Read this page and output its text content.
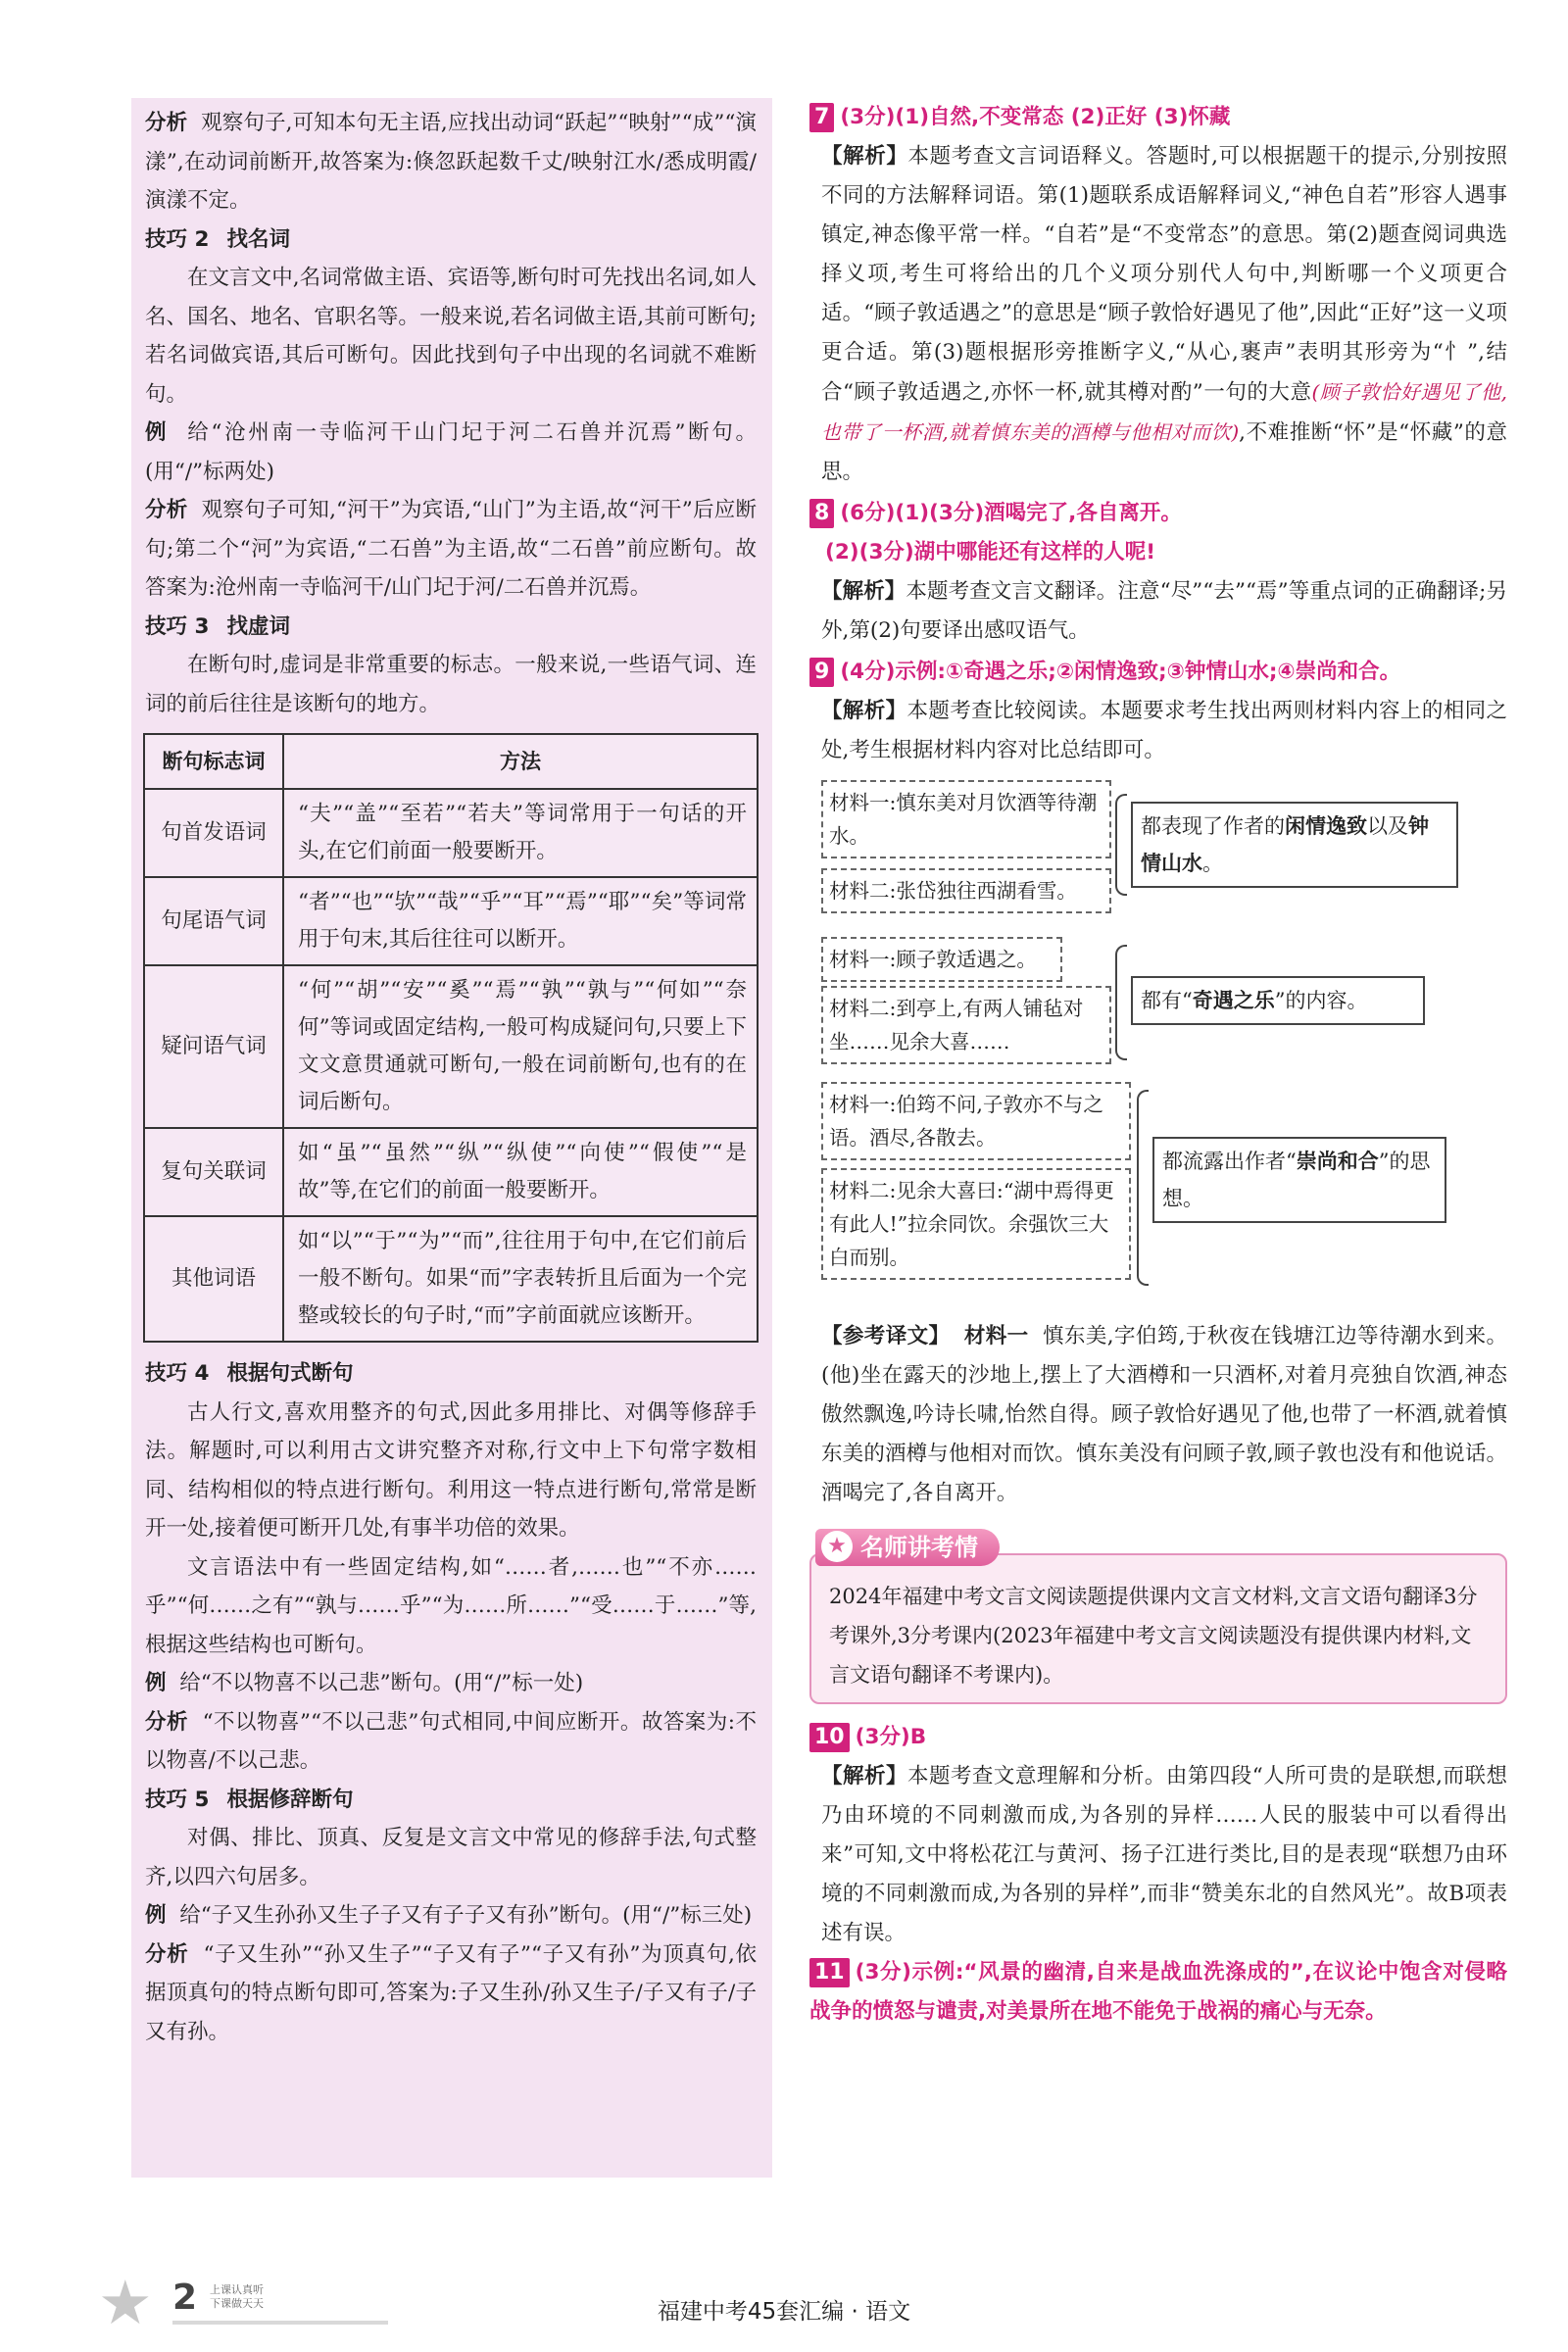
分析 观察句子,可知本句无主语,应找出动词“跃起”“映射”“成”“演漾”,在动词前断开,故答案为:倏忽跃起数千丈/映射江水/悉成明霞/演漾不定。

技巧 2 找名词

在文言文中,名词常做主语、宾语等,断句时可先找出名词,如人名、国名、地名、官职名等。一般来说,若名词做主语,其前可断句;若名词做宾语,其后可断句。因此找到句子中出现的名词就不难断句。

例 给“沧州南一寺临河干山门圮于河二石兽并沉焉”断句。(用“/”标两处)

分析 观察句子可知,“河干”为宾语,“山门”为主语,故“河干”后应断句;第二个“河”为宾语,“二石兽”为主语,故“二石兽”前应断句。故答案为:沧州南一寺临河干/山门圮于河/二石兽并沉焉。

技巧 3 找虚词

在断句时,虚词是非常重要的标志。一般来说,一些语气词、连词的前后往往是该断句的地方。

断句标志词	方法
句首发语词	“夫”“盖”“至若”“若夫”等词常用于一句话的开头,在它们前面一般要断开。
句尾语气词	“者”“也”“欤”“哉”“乎”“耳”“焉”“耶”“矣”等词常用于句末,其后往往可以断开。
疑问语气词	“何”“胡”“安”“奚”“焉”“孰”“孰与”“何如”“奈何”等词或固定结构,一般可构成疑问句,只要上下文文意贯通就可断句,一般在词前断句,也有的在词后断句。
复句关联词	如“虽”“虽然”“纵”“纵使”“向使”“假使”“是故”等,在它们的前面一般要断开。
其他词语	如“以”“于”“为”“而”,往往用于句中,在它们前后一般不断句。如果“而”字表转折且后面为一个完整或较长的句子时,“而”字前面就应该断开。

技巧 4 根据句式断句

古人行文,喜欢用整齐的句式,因此多用排比、对偶等修辞手法。解题时,可以利用古文讲究整齐对称,行文中上下句常字数相同、结构相似的特点进行断句。利用这一特点进行断句,常常是断开一处,接着便可断开几处,有事半功倍的效果。

文言语法中有一些固定结构,如“……者,……也”“不亦……乎”“何……之有”“孰与……乎”“为……所……”“受……于……”等,根据这些结构也可断句。

例 给“不以物喜不以己悲”断句。(用“/”标一处)

分析 “不以物喜”“不以己悲”句式相同,中间应断开。故答案为:不以物喜/不以己悲。

技巧 5 根据修辞断句

对偶、排比、顶真、反复是文言文中常见的修辞手法,句式整齐,以四六句居多。

例 给“子又生孙孙又生子子又有子子又有孙”断句。(用“/”标三处)

分析 “子又生孙”“孙又生子”“子又有子”“子又有孙”为顶真句,依据顶真句的特点断句即可,答案为:子又生孙/孙又生子/子又有子/子又有孙。

7 (3分)(1)自然,不变常态 (2)正好 (3)怀藏

【解析】本题考查文言词语释义。答题时,可以根据题干的提示,分别按照不同的方法解释词语。第(1)题联系成语解释词义,“神色自若”形容人遇事镇定,神态像平常一样。“自若”是“不变常态”的意思。第(2)题查阅词典选择义项,考生可将给出的几个义项分别代人句中,判断哪一个义项更合适。“顾子敦适遇之”的意思是“顾子敦恰好遇见了他”,因此“正好”这一义项更合适。第(3)题根据形旁推断字义,“从心,裹声”表明其形旁为“忄”,结合“顾子敦适遇之,亦怀一杯,就其樽对酌”一句的大意(顾子敦恰好遇见了他,也带了一杯酒,就着慎东美的酒樽与他相对而饮),不难推断“怀”是“怀藏”的意思。

8 (6分)(1)(3分)酒喝完了,各自离开。

(2)(3分)湖中哪能还有这样的人呢!

【解析】本题考查文言文翻译。注意“尽”“去”“焉”等重点词的正确翻译;另外,第(2)句要译出感叹语气。

9 (4分)示例:①奇遇之乐;②闲情逸致;③钟情山水;④崇尚和合。

【解析】本题考查比较阅读。本题要求考生找出两则材料内容上的相同之处,考生根据材料内容对比总结即可。

材料一:慎东美对月饮酒等待潮水。
材料二:张岱独往西湖看雪。
都表现了作者的闲情逸致以及钟情山水。
材料一:顾子敦适遇之。
材料二:到亭上,有两人铺毡对坐……见余大喜……
都有“奇遇之乐”的内容。
材料一:伯筠不问,子敦亦不与之语。酒尽,各散去。
材料二:见余大喜曰:“湖中焉得更有此人!”拉余同饮。余强饮三大白而别。
都流露出作者“崇尚和合”的思想。

【参考译文】 材料一 慎东美,字伯筠,于秋夜在钱塘江边等待潮水到来。(他)坐在露天的沙地上,摆上了大酒樽和一只酒杯,对着月亮独自饮酒,神态傲然飘逸,吟诗长啸,怡然自得。顾子敦恰好遇见了他,也带了一杯酒,就着慎东美的酒樽与他相对而饮。慎东美没有问顾子敦,顾子敦也没有和他说话。酒喝完了,各自离开。

★ 名师讲考情
2024年福建中考文言文阅读题提供课内文言文材料,文言文语句翻译3分考课外,3分考课内(2023年福建中考文言文阅读题没有提供课内材料,文言文语句翻译不考课内)。

10 (3分)B

【解析】本题考查文意理解和分析。由第四段“人所可贵的是联想,而联想乃由环境的不同刺激而成,为各别的异样……人民的服装中可以看得出来”可知,文中将松花江与黄河、扬子江进行类比,目的是表现“联想乃由环境的不同刺激而成,为各别的异样”,而非“赞美东北的自然风光”。故B项表述有误。

11 (3分)示例:“风景的幽清,自来是战血洗涤成的”,在议论中饱含对侵略战争的愤怒与谴责,对美景所在地不能免于战祸的痛心与无奈。

★ 2 上课认真听
下课做天天	福建中考45套汇编 · 语文
